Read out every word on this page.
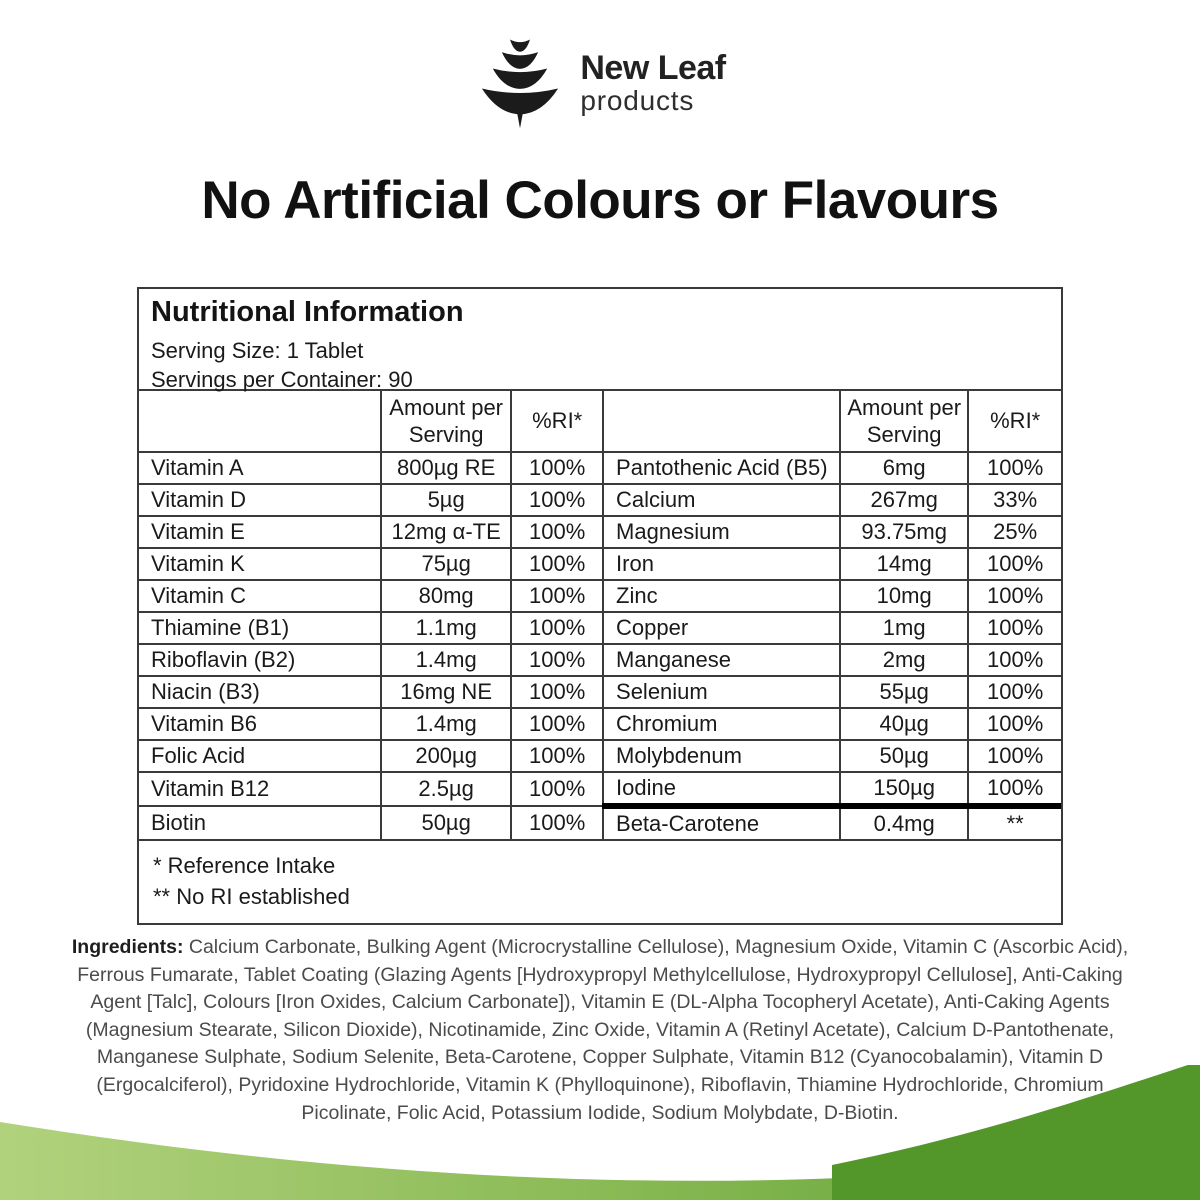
New Leaf
products
No Artificial Colours or Flavours
Nutritional Information
Serving Size: 1 Tablet
Servings per Container: 90
	Amount per Serving	%RI*		Amount per Serving	%RI*
Vitamin A	800µg RE	100%	Pantothenic Acid (B5)	6mg	100%
Vitamin D	5µg	100%	Calcium	267mg	33%
Vitamin E	12mg α-TE	100%	Magnesium	93.75mg	25%
Vitamin K	75µg	100%	Iron	14mg	100%
Vitamin C	80mg	100%	Zinc	10mg	100%
Thiamine (B1)	1.1mg	100%	Copper	1mg	100%
Riboflavin (B2)	1.4mg	100%	Manganese	2mg	100%
Niacin (B3)	16mg NE	100%	Selenium	55µg	100%
Vitamin B6	1.4mg	100%	Chromium	40µg	100%
Folic Acid	200µg	100%	Molybdenum	50µg	100%
Vitamin B12	2.5µg	100%	Iodine	150µg	100%
Biotin	50µg	100%	Beta-Carotene	0.4mg	**
* Reference Intake
** No RI established
Ingredients: Calcium Carbonate, Bulking Agent (Microcrystalline Cellulose), Magnesium Oxide, Vitamin C (Ascorbic Acid), Ferrous Fumarate, Tablet Coating (Glazing Agents [Hydroxypropyl Methylcellulose, Hydroxypropyl Cellulose], Anti-Caking Agent [Talc], Colours [Iron Oxides, Calcium Carbonate]), Vitamin E (DL-Alpha Tocopheryl Acetate), Anti-Caking Agents (Magnesium Stearate, Silicon Dioxide), Nicotinamide, Zinc Oxide, Vitamin A (Retinyl Acetate), Calcium D-Pantothenate, Manganese Sulphate, Sodium Selenite, Beta-Carotene, Copper Sulphate, Vitamin B12 (Cyanocobalamin), Vitamin D (Ergocalciferol), Pyridoxine Hydrochloride, Vitamin K (Phylloquinone), Riboflavin, Thiamine Hydrochloride, Chromium Picolinate, Folic Acid, Potassium Iodide, Sodium Molybdate, D-Biotin.
